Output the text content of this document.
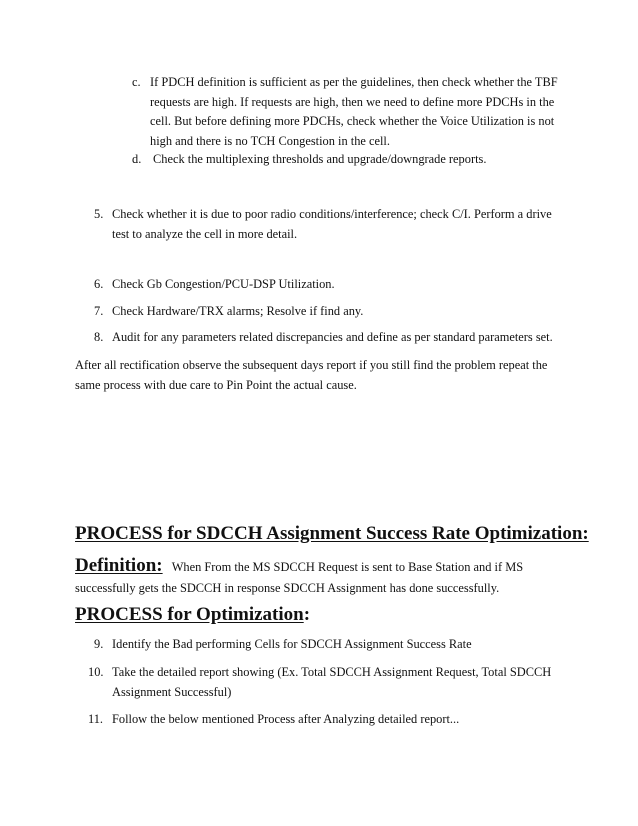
c. If PDCH definition is sufficient as per the guidelines, then check whether the TBF requests are high. If requests are high, then we need to define more PDCHs in the cell. But before defining more PDCHs, check whether the Voice Utilization is not high and there is no TCH Congestion in the cell.
d. Check the multiplexing thresholds and upgrade/downgrade reports.
5. Check whether it is due to poor radio conditions/interference; check C/I. Perform a drive test to analyze the cell in more detail.
6. Check Gb Congestion/PCU-DSP Utilization.
7. Check Hardware/TRX alarms; Resolve if find any.
8. Audit for any parameters related discrepancies and define as per standard parameters set.
After all rectification observe the subsequent days report if you still find the problem repeat the same process with due care to Pin Point the actual cause.
PROCESS for SDCCH Assignment Success Rate Optimization:
Definition: When From the MS SDCCH Request is sent to Base Station and if MS successfully gets the SDCCH in response SDCCH Assignment has done successfully.
PROCESS for Optimization:
9. Identify the Bad performing Cells for SDCCH Assignment Success Rate
10. Take the detailed report showing (Ex. Total SDCCH Assignment Request, Total SDCCH Assignment Successful)
11. Follow the below mentioned Process after Analyzing detailed report...
